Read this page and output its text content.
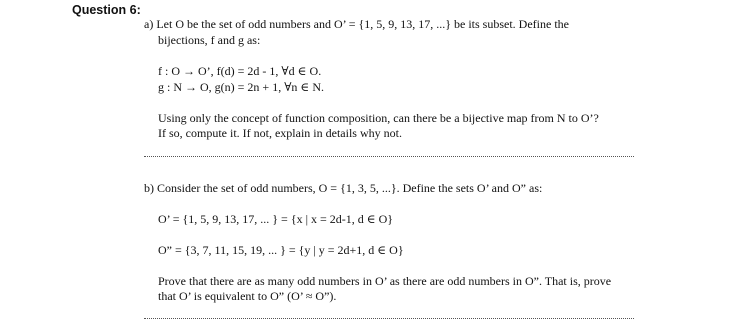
Question 6:
a) Let O be the set of odd numbers and O’ = {1, 5, 9, 13, 17, ...} be its subset. Define the
bijections, f and g as:
f : O → O’, f(d) = 2d - 1, ∀d ∈ O.
g : N → O, g(n) = 2n + 1, ∀n ∈ N.
Using only the concept of function composition, can there be a bijective map from N to O’?
If so, compute it. If not, explain in details why not.
b) Consider the set of odd numbers, O = {1, 3, 5, ...}. Define the sets O’ and O” as:
O’ = {1, 5, 9, 13, 17, ... } = {x | x = 2d-1, d ∈ O}
O” = {3, 7, 11, 15, 19, ... } = {y | y = 2d+1, d ∈ O}
Prove that there are as many odd numbers in O’ as there are odd numbers in O”. That is, prove
that O’ is equivalent to O” (O’ ≈ O”).
